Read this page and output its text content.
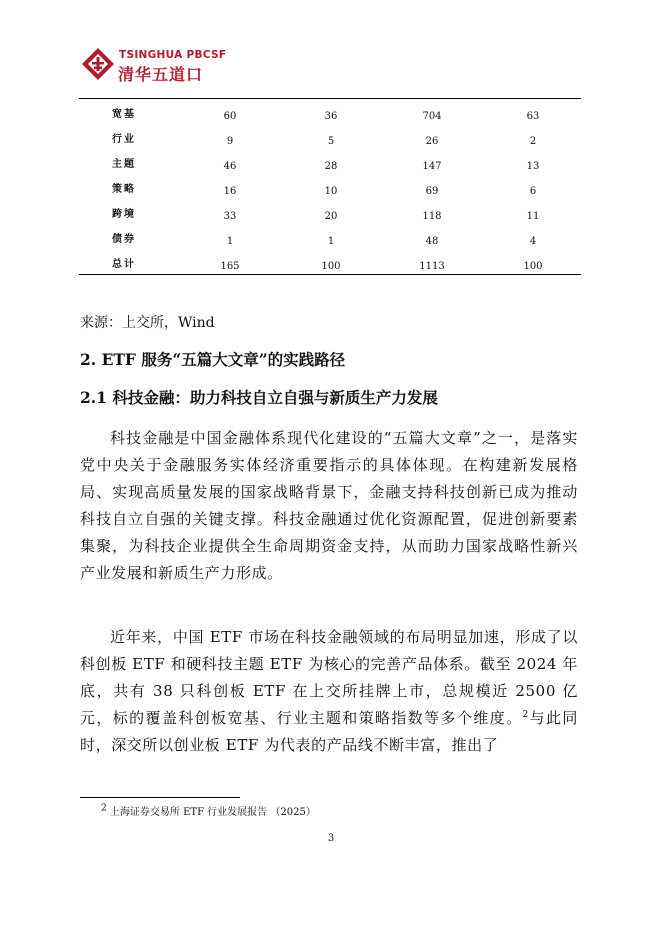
TSINGHUA PBCSF
清华五道口
宽基	60	36	704	63
行业	9	5	26	2
主题	46	28	147	13
策略	16	10	69	6
跨境	33	20	118	11
债券	1	1	48	4
总计	165	100	1113	100
来源：上交所，Wind
2. ETF 服务“五篇大文章”的实践路径
2.1 科技金融：助力科技自立自强与新质生产力发展
科技金融是中国金融体系现代化建设的“五篇大文章”之一，是落实党中央关于金融服务实体经济重要指示的具体体现。在构建新发展格局、实现高质量发展的国家战略背景下，金融支持科技创新已成为推动科技自立自强的关键支撑。科技金融通过优化资源配置，促进创新要素集聚，为科技企业提供全生命周期资金支持，从而助力国家战略性新兴产业发展和新质生产力形成。
近年来，中国 ETF 市场在科技金融领域的布局明显加速，形成了以科创板 ETF 和硬科技主题 ETF 为核心的完善产品体系。截至 2024 年底，共有 38 只科创板 ETF 在上交所挂牌上市，总规模近 2500 亿元，标的覆盖科创板宽基、行业主题和策略指数等多个维度。$^2$与此同时，深交所以创业板 ETF 为代表的产品线不断丰富，推出了
2 上海证券交易所 ETF 行业发展报告 （2025）
3
